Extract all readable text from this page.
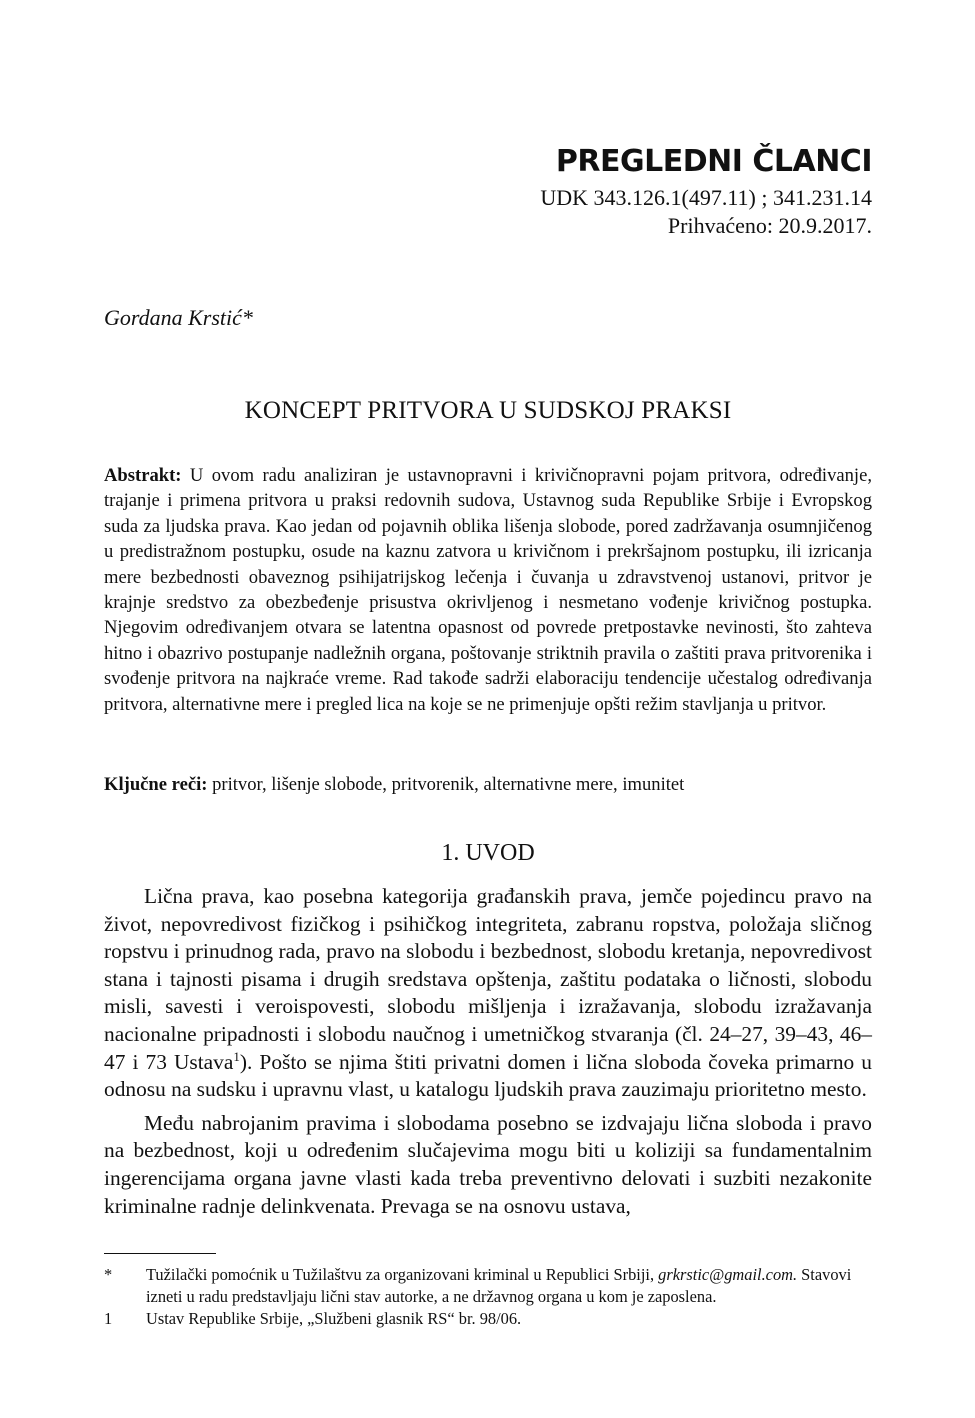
PREGLEDNI ČLANCI
UDK 343.126.1(497.11) ; 341.231.14
Prihvaćeno: 20.9.2017.
Gordana Krstić*
KONCEPT PRITVORA U SUDSKOJ PRAKSI
Abstrakt: U ovom radu analiziran je ustavnopravni i krivičnopravni pojam pritvora, određivanje, trajanje i primena pritvora u praksi redovnih sudova, Ustavnog suda Republike Srbije i Evropskog suda za ljudska prava. Kao jedan od pojavnih oblika lišenja slobode, pored zadržavanja osumnjičenog u predistražnom postupku, osude na kaznu zatvora u krivičnom i prekršajnom postupku, ili izricanja mere bezbednosti obaveznog psihijatrijskog lečenja i čuvanja u zdravstvenoj ustanovi, pritvor je krajnje sredstvo za obezbeđenje prisustva okrivljenog i nesmetano vođenje krivičnog postupka. Njegovim određivanjem otvara se latentna opasnost od povrede pretpostavke nevinosti, što zahteva hitno i obazrivo postupanje nadležnih organa, poštovanje striktnih pravila o zaštiti prava pritvorenika i svođenje pritvora na najkraće vreme. Rad takođe sadrži elaboraciju tendencije učestalog određivanja pritvora, alternativne mere i pregled lica na koje se ne primenjuje opšti režim stavljanja u pritvor.
Ključne reči: pritvor, lišenje slobode, pritvorenik, alternativne mere, imunitet
1. UVOD

Lična prava, kao posebna kategorija građanskih prava, jemče pojedincu pravo na život, nepovredivost fizičkog i psihičkog integriteta, zabranu ropstva, položaja sličnog ropstvu i prinudnog rada, pravo na slobodu i bezbednost, slobodu kretanja, nepovredivost stana i tajnosti pisama i drugih sredstava opštenja, zaštitu podataka o ličnosti, slobodu misli, savesti i veroispovesti, slobodu mišljenja i izražavanja, slobodu izražavanja nacionalne pripadnosti i slobodu naučnog i umetničkog stvaranja (čl. 24–27, 39–43, 46–47 i 73 Ustava$^1$). Pošto se njima štiti privatni domen i lična sloboda čoveka primarno u odnosu na sudsku i upravnu vlast, u katalogu ljudskih prava zauzimaju prioritetno mesto.

Među nabrojanim pravima i slobodama posebno se izdvajaju lična sloboda i pravo na bezbednost, koji u određenim slučajevima mogu biti u koliziji sa fundamentalnim ingerencijama organa javne vlasti kada treba preventivno delovati i suzbiti nezakonite kriminalne radnje delinkvenata. Prevaga se na osnovu ustava,

*	Tužilački pomoćnik u Tužilaštvu za organizovani kriminal u Republici Srbiji, grkrstic@gmail.com. Stavovi izneti u radu predstavljaju lični stav autorke, a ne državnog organa u kom je zaposlena.
1	Ustav Republike Srbije, „Službeni glasnik RS“ br. 98/06.
